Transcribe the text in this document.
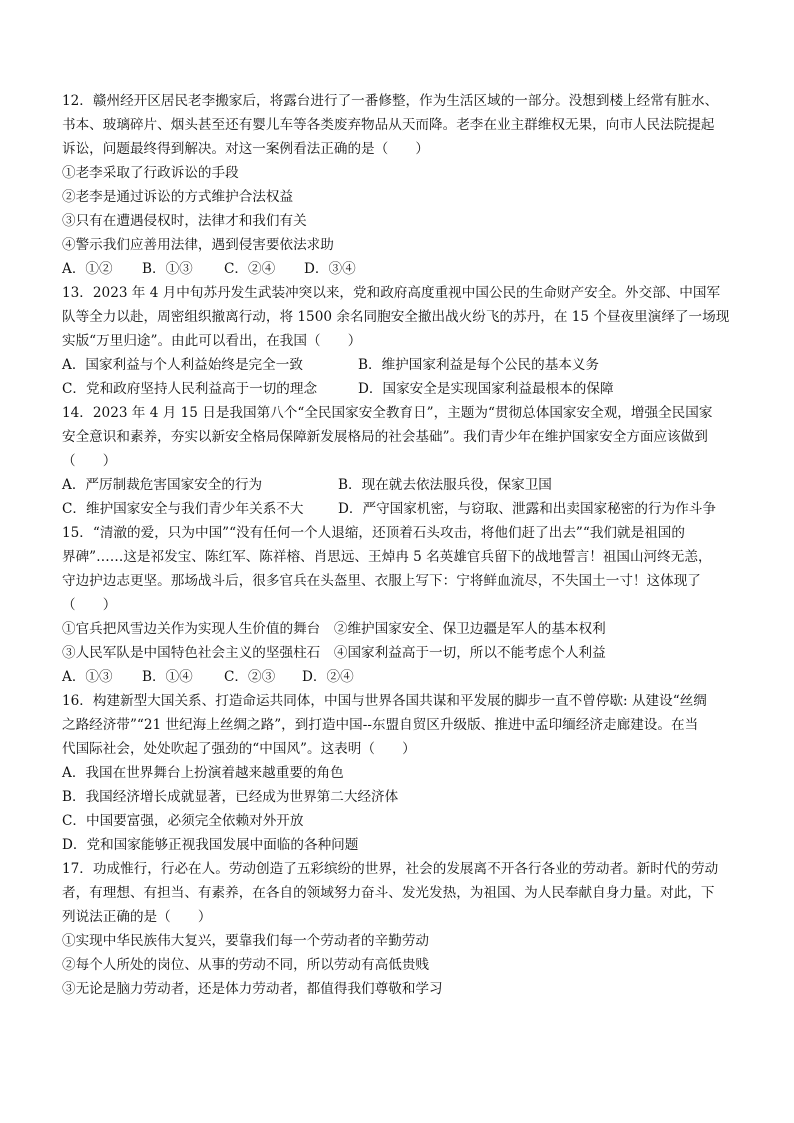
12．赣州经开区居民老李搬家后，将露台进行了一番修整，作为生活区域的一部分。没想到楼上经常有脏水、
书本、玻璃碎片、烟头甚至还有婴儿车等各类废弃物品从天而降。老李在业主群维权无果，向市人民法院提起
诉讼，问题最终得到解决。对这一案例看法正确的是（　　）
①老李采取了行政诉讼的手段
②老李是通过诉讼的方式维护合法权益
③只有在遭遇侵权时，法律才和我们有关
④警示我们应善用法律，遇到侵害要依法求助
A．①② B．①③ C．②④ D．③④
13．2023 年 4 月中旬苏丹发生武装冲突以来，党和政府高度重视中国公民的生命财产安全。外交部、中国军
队等全力以赴，周密组织撤离行动，将 1500 余名同胞安全撤出战火纷飞的苏丹，在 15 个昼夜里演绎了一场现
实版“万里归途”。由此可以看出，在我国（　　）
A．国家利益与个人利益始终是完全一致	B．维护国家利益是每个公民的基本义务
C．党和政府坚持人民利益高于一切的理念	D．国家安全是实现国家利益最根本的保障
14．2023 年 4 月 15 日是我国第八个“全民国家安全教育日”，主题为“贯彻总体国家安全观，增强全民国家
安全意识和素养，夯实以新安全格局保障新发展格局的社会基础”。我们青少年在维护国家安全方面应该做到
（　　）
A．严厉制裁危害国家安全的行为	B．现在就去依法服兵役，保家卫国
C．维护国家安全与我们青少年关系不大	D．严守国家机密，与窃取、泄露和出卖国家秘密的行为作斗争
15．“清澈的爱，只为中国”“没有任何一个人退缩，还顶着石头攻击，将他们赶了出去”“我们就是祖国的
界碑”……这是祁发宝、陈红军、陈祥榕、肖思远、王焯冉 5 名英雄官兵留下的战地誓言！祖国山河终无恙，
守边护边志更坚。那场战斗后，很多官兵在头盔里、衣服上写下：宁将鲜血流尽，不失国土一寸！这体现了
（　　）
①官兵把风雪边关作为实现人生价值的舞台　②维护国家安全、保卫边疆是军人的基本权利
③人民军队是中国特色社会主义的坚强柱石　④国家利益高于一切，所以不能考虑个人利益
A．①③ B．①④ C．②③ D．②④
16．构建新型大国关系、打造命运共同体，中国与世界各国共谋和平发展的脚步一直不曾停歇: 从建设“丝绸
之路经济带”“21 世纪海上丝绸之路”，到打造中国--东盟自贸区升级版、推进中孟印缅经济走廊建设。在当
代国际社会，处处吹起了强劲的“中国风”。这表明（　　）
A．我国在世界舞台上扮演着越来越重要的角色
B．我国经济增长成就显著，已经成为世界第二大经济体
C．中国要富强，必须完全依赖对外开放
D．党和国家能够正视我国发展中面临的各种问题
17．功成惟行，行必在人。劳动创造了五彩缤纷的世界，社会的发展离不开各行各业的劳动者。新时代的劳动
者，有理想、有担当、有素养，在各自的领域努力奋斗、发光发热，为祖国、为人民奉献自身力量。对此，下
列说法正确的是（　　）
①实现中华民族伟大复兴，要靠我们每一个劳动者的辛勤劳动
②每个人所处的岗位、从事的劳动不同，所以劳动有高低贵贱
③无论是脑力劳动者，还是体力劳动者，都值得我们尊敬和学习
